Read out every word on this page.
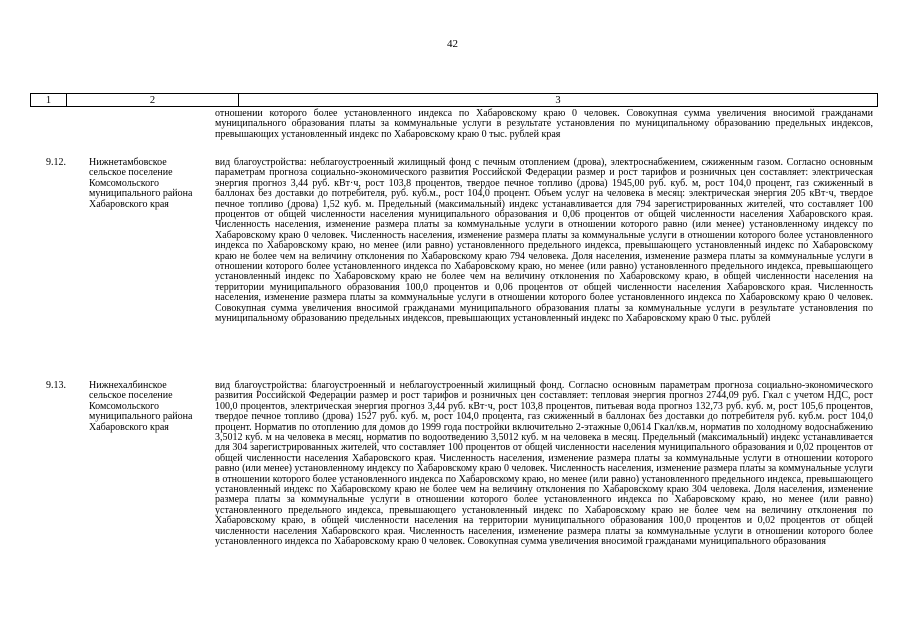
42
1	2	3

отношении которого более установленного индекса по Хабаровскому краю 0 человек. Совокупная сумма увеличения вносимой гражданами муниципального образования платы за коммунальные услуги в результате установления по муниципальному образованию предельных индексов, превышающих установленный индекс по Хабаровскому краю 0 тыс. рублей края

9.12. Нижнетамбовское сельское поселение Комсомольского муниципального района Хабаровского края

вид благоустройства: неблагоустроенный жилищный фонд с печным отоплением (дрова), электроснабжением, сжиженным газом. Согласно основным параметрам прогноза социально-экономического развития Российской Федерации размер и рост тарифов и розничных цен составляет: электрическая энергия прогноз 3,44 руб. кВт·ч, рост 103,8 процентов, твердое печное топливо (дрова) 1945,00 руб. куб. м, рост 104,0 процент, газ сжиженный в баллонах без доставки до потребителя, руб. куб.м., рост 104,0 процент. Объем услуг на человека в месяц: электрическая энергия 205 кВт·ч, твердое печное топливо (дрова) 1,52 куб. м. Предельный (максимальный) индекс устанавливается для 794 зарегистрированных жителей, что составляет 100 процентов от общей численности населения муниципального образования и 0,06 процентов от общей численности населения Хабаровского края. Численность населения, изменение размера платы за коммунальные услуги в отношении которого равно (или менее) установленному индексу по Хабаровскому краю 0 человек. Численность населения, изменение размера платы за коммунальные услуги в отношении которого более установленного индекса по Хабаровскому краю, но менее (или равно) установленного предельного индекса, превышающего установленный индекс по Хабаровскому краю не более чем на величину отклонения по Хабаровскому краю 794 человека. Доля населения, изменение размера платы за коммунальные услуги в отношении которого более установленного индекса по Хабаровскому краю, но менее (или равно) установленного предельного индекса, превышающего установленный индекс по Хабаровскому краю не более чем на величину отклонения по Хабаровскому краю, в общей численности населения на территории муниципального образования 100,0 процентов и 0,06 процентов от общей численности населения Хабаровского края. Численность населения, изменение размера платы за коммунальные услуги в отношении которого более установленного индекса по Хабаровскому краю 0 человек. Совокупная сумма увеличения вносимой гражданами муниципального образования платы за коммунальные услуги в результате установления по муниципальному образованию предельных индексов, превышающих установленный индекс по Хабаровскому краю 0 тыс. рублей

9.13. Нижнехалбинское сельское поселение Комсомольского муниципального района Хабаровского края

вид благоустройства: благоустроенный и неблагоустроенный жилищный фонд. Согласно основным параметрам прогноза социально-экономического развития Российской Федерации размер и рост тарифов и розничных цен составляет: тепловая энергия прогноз 2744,09 руб. Гкал с учетом НДС, рост 100,0 процентов, электрическая энергия прогноз 3,44 руб. кВт·ч, рост 103,8 процентов, питьевая вода прогноз 132,73 руб. куб. м, рост 105,6 процентов, твердое печное топливо (дрова) 1527 руб. куб. м, рост 104,0 процента, газ сжиженный в баллонах без доставки до потребителя руб. куб.м. рост 104,0 процент. Норматив по отоплению для домов до 1999 года постройки включительно 2-этажные 0,0614 Гкал/кв.м, норматив по холодному водоснабжению 3,5012 куб. м на человека в месяц, норматив по водоотведению 3,5012 куб. м на человека в месяц. Предельный (максимальный) индекс устанавливается для 304 зарегистрированных жителей, что составляет 100 процентов от общей численности населения муниципального образования и 0,02 процентов от общей численности населения Хабаровского края. Численность населения, изменение размера платы за коммунальные услуги в отношении которого равно (или менее) установленному индексу по Хабаровскому краю 0 человек. Численность населения, изменение размера платы за коммунальные услуги в отношении которого более установленного индекса по Хабаровскому краю, но менее (или равно) установленного предельного индекса, превышающего установленный индекс по Хабаровскому краю не более чем на величину отклонения по Хабаровскому краю 304 человека. Доля населения, изменение размера платы за коммунальные услуги в отношении которого более установленного индекса по Хабаровскому краю, но менее (или равно) установленного предельного индекса, превышающего установленный индекс по Хабаровскому краю не более чем на величину отклонения по Хабаровскому краю, в общей численности населения на территории муниципального образования 100,0 процентов и 0,02 процентов от общей численности населения Хабаровского края. Численность населения, изменение размера платы за коммунальные услуги в отношении которого более установленного индекса по Хабаровскому краю 0 человек. Совокупная сумма увеличения вносимой гражданами муниципального образования
